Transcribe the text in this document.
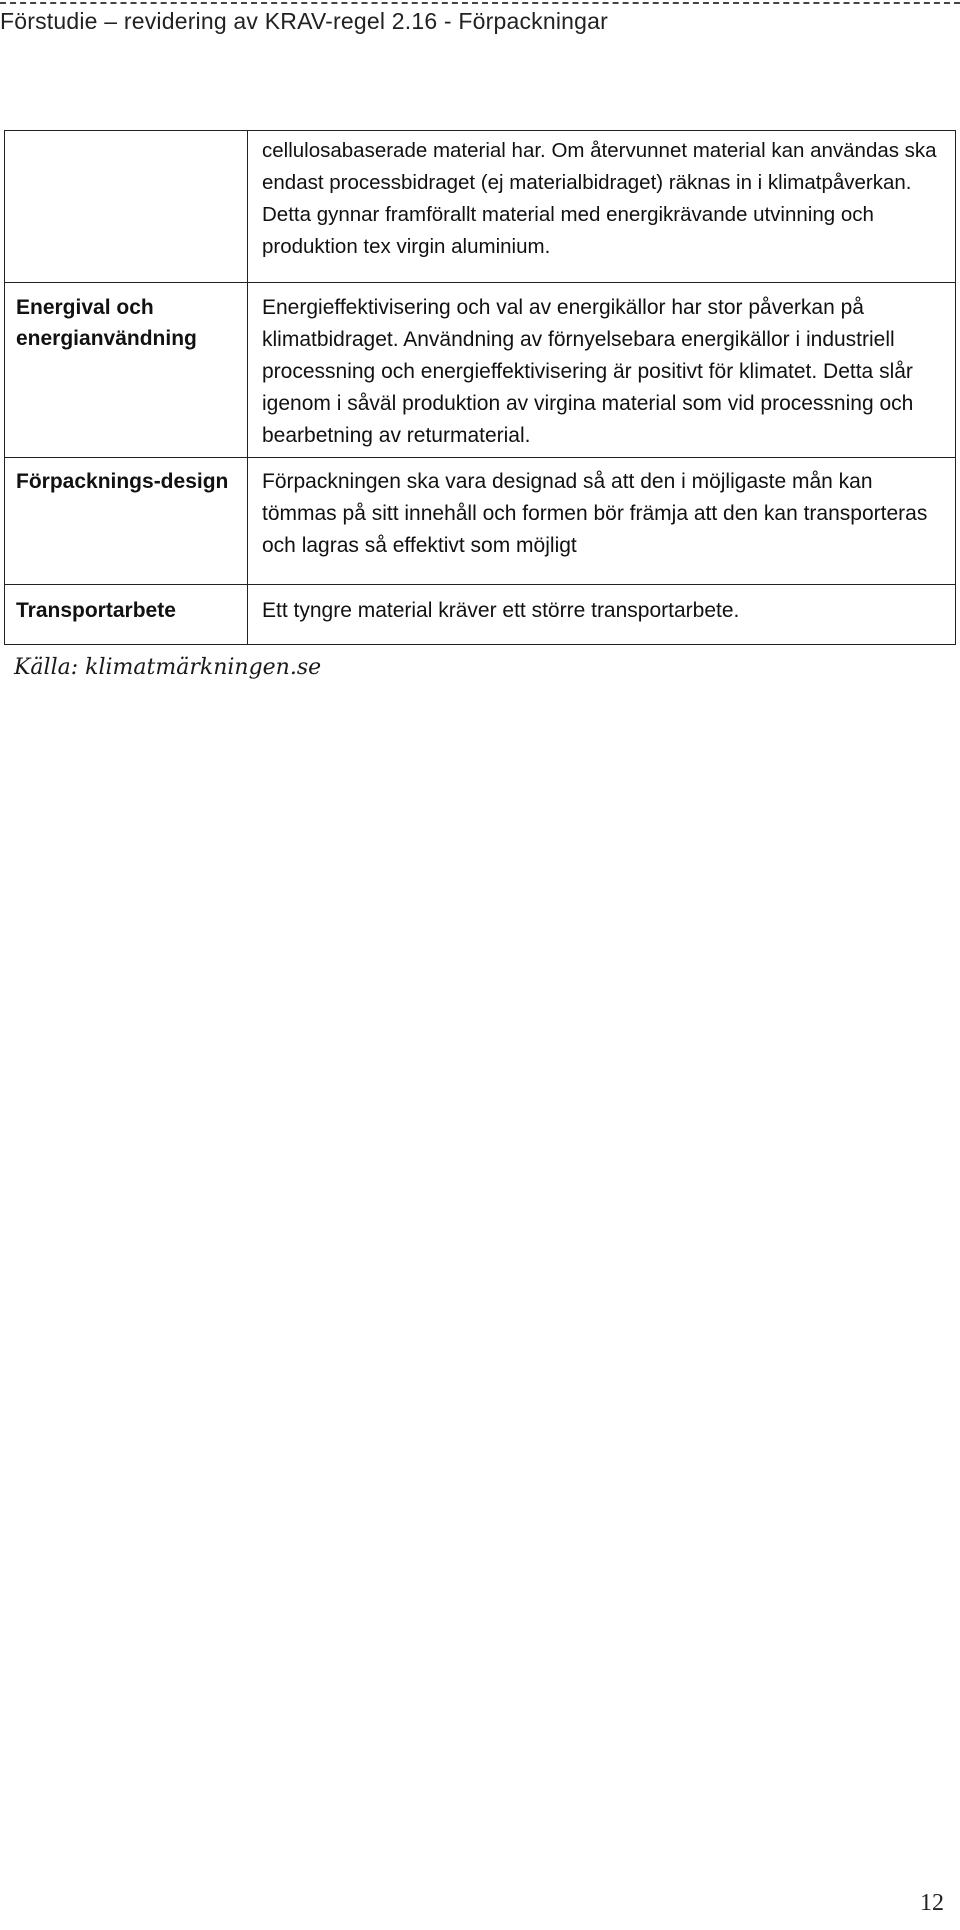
Förstudie – revidering av KRAV-regel 2.16 - Förpackningar

	cellulosabaserade material har. Om återvunnet material kan användas ska endast processbidraget (ej materialbidraget) räknas in i klimatpåverkan. Detta gynnar framförallt material med energikrävande utvinning och produktion tex virgin aluminium.

Energival och energianvändning	Energieffektivisering och val av energikällor har stor påverkan på klimatbidraget. Användning av förnyelsebara energikällor i industriell processning och energieffektivisering är positivt för klimatet. Detta slår igenom i såväl produktion av virgina material som vid processning och bearbetning av returmaterial.

Förpacknings-design	Förpackningen ska vara designad så att den i möjligaste mån kan tömmas på sitt innehåll och formen bör främja att den kan transporteras och lagras så effektivt som möjligt

Transportarbete	Ett tyngre material kräver ett större transportarbete.
Källa: klimatmärkningen.se
12
